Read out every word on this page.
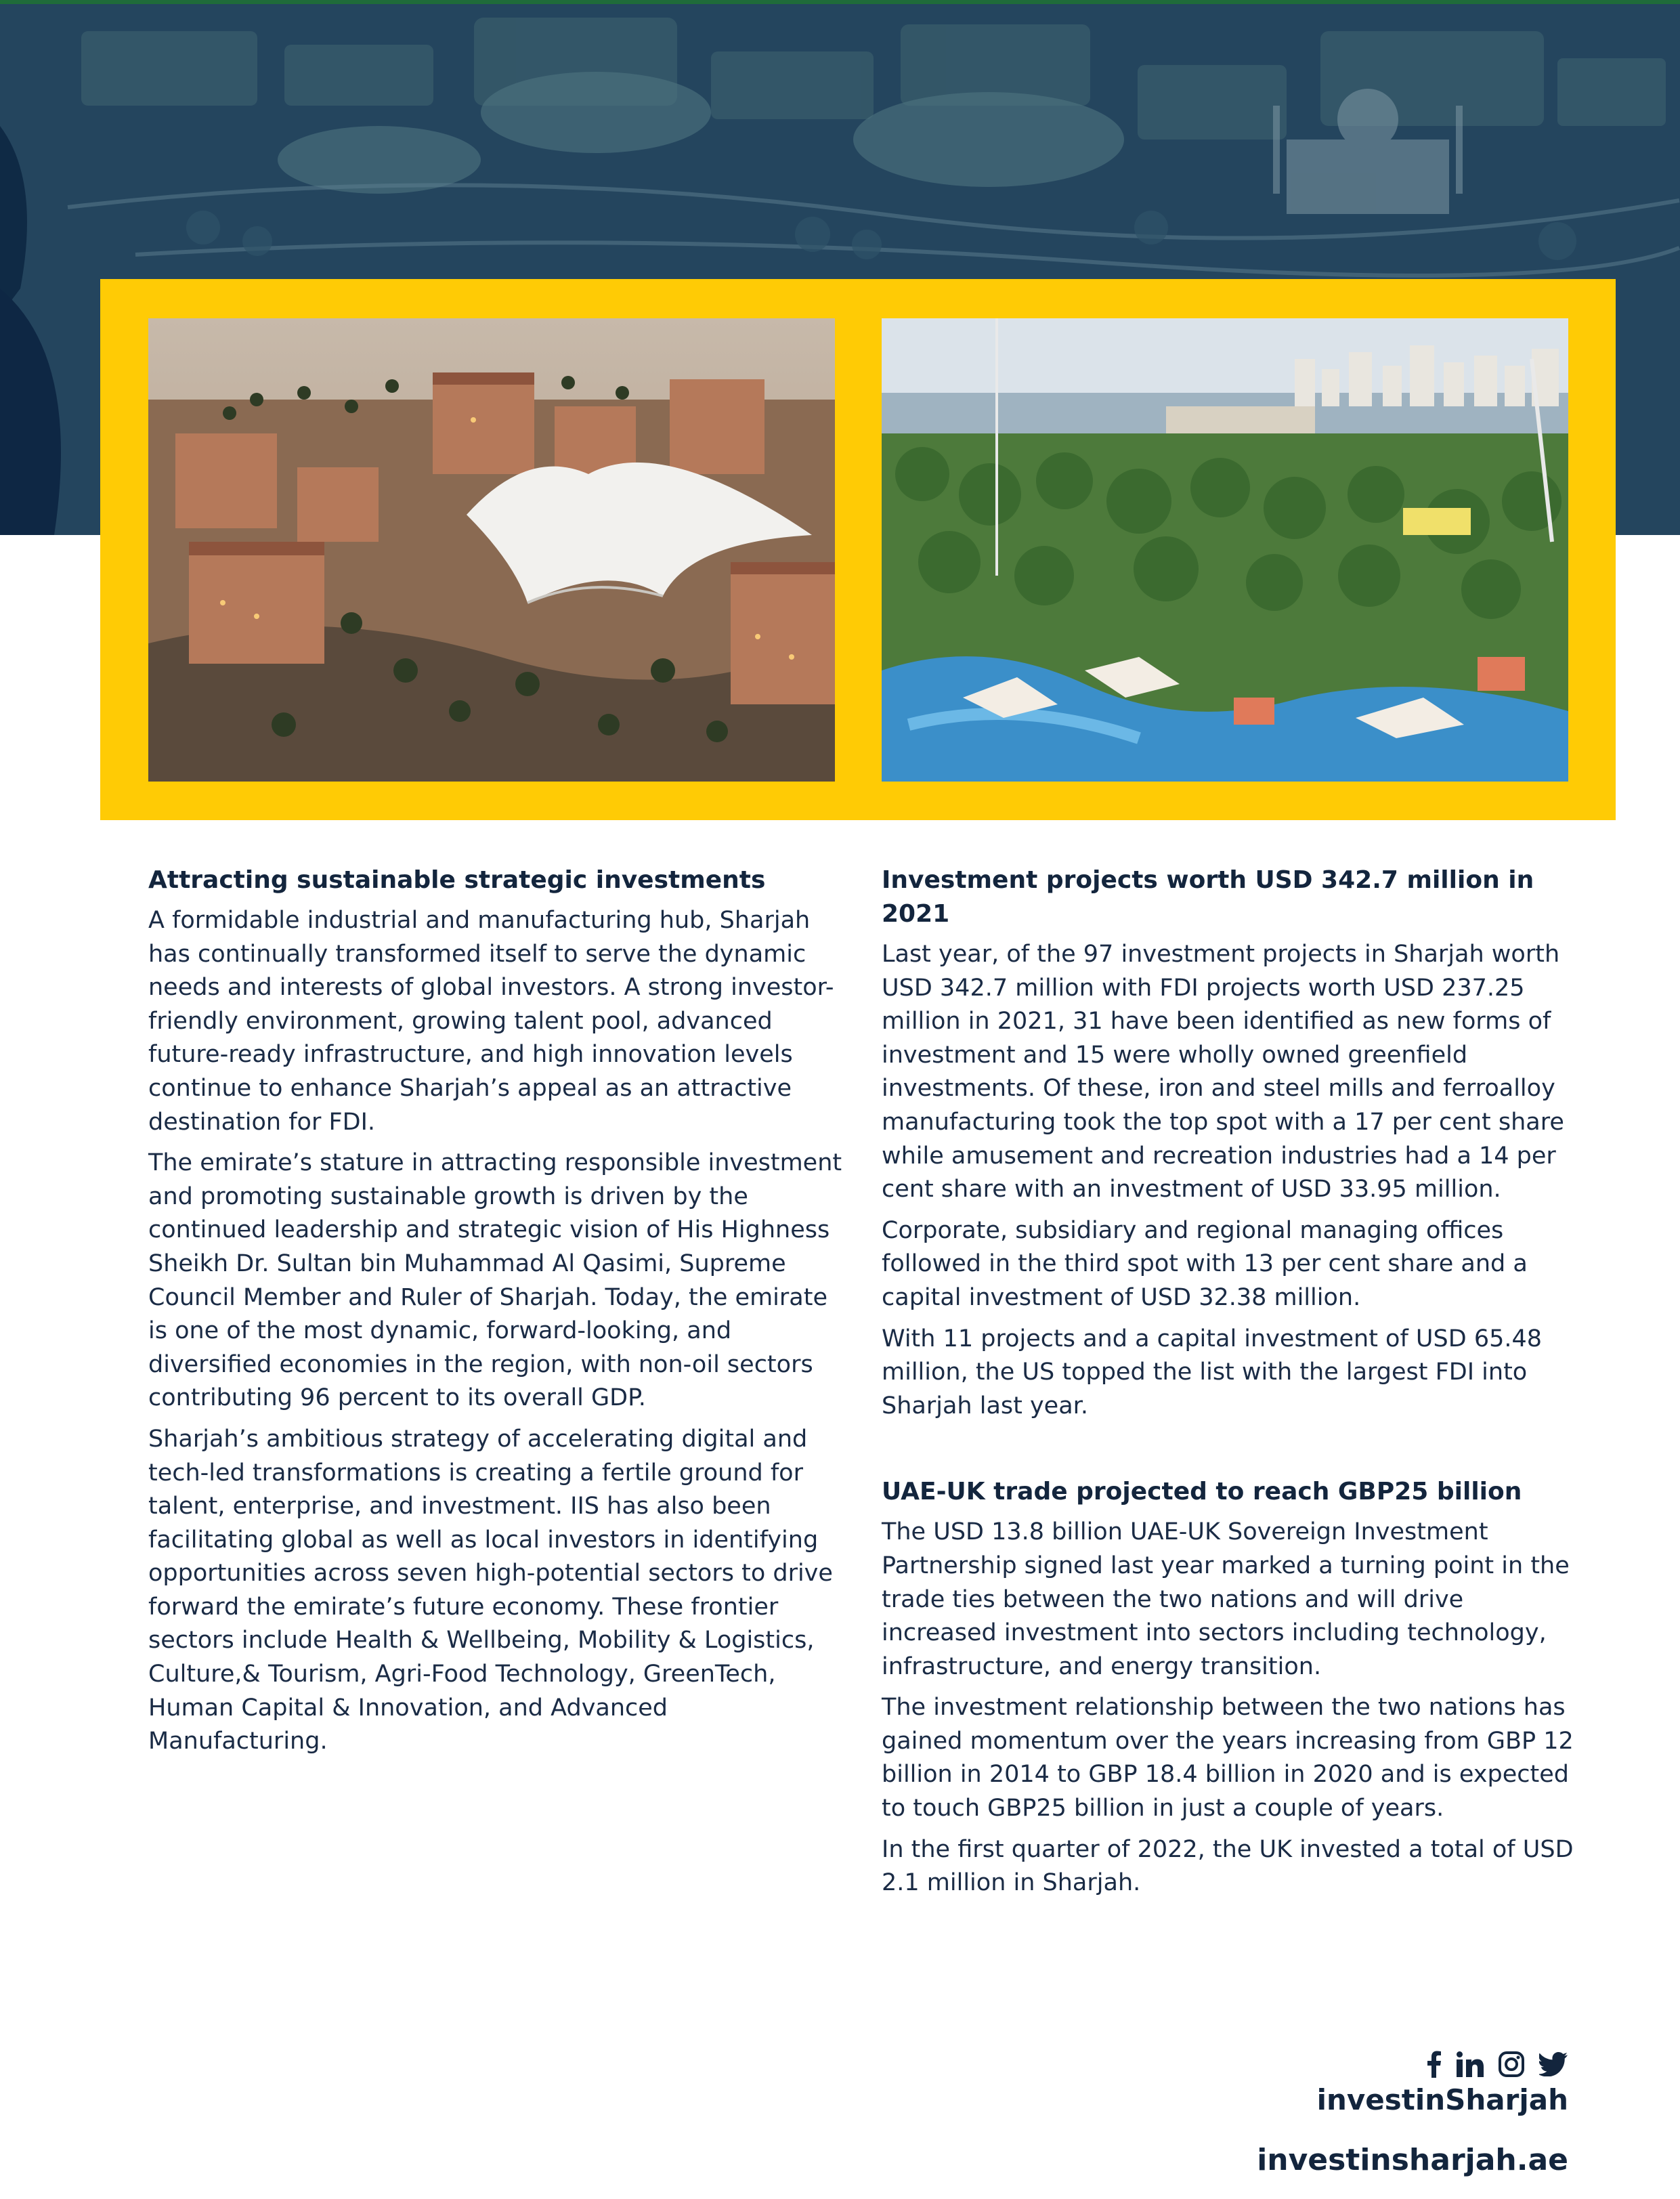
Attracting sustainable strategic investments

A formidable industrial and manufacturing hub, Sharjah has continually transformed itself to serve the dynamic needs and interests of global investors. A strong investor-friendly environment, growing talent pool, advanced future-ready infrastructure, and high innovation levels continue to enhance Sharjah’s appeal as an attractive destination for FDI.

The emirate’s stature in attracting responsible investment and promoting sustainable growth is driven by the continued leadership and strategic vision of His Highness Sheikh Dr. Sultan bin Muhammad Al Qasimi, Supreme Council Member and Ruler of Sharjah. Today, the emirate is one of the most dynamic, forward-looking, and diversified economies in the region, with non-oil sectors contributing 96 percent to its overall GDP.

Sharjah’s ambitious strategy of accelerating digital and tech-led transformations is creating a fertile ground for talent, enterprise, and investment. IIS has also been facilitating global as well as local investors in identifying opportunities across seven high-potential sectors to drive forward the emirate’s future economy. These frontier sectors include Health & Wellbeing, Mobility & Logistics, Culture,& Tourism, Agri-Food Technology, GreenTech, Human Capital & Innovation, and Advanced Manufacturing.

Investment projects worth USD 342.7 million in 2021

Last year, of the 97 investment projects in Sharjah worth USD 342.7 million with FDI projects worth USD 237.25 million in 2021, 31 have been identified as new forms of investment and 15 were wholly owned greenfield investments. Of these, iron and steel mills and ferroalloy manufacturing took the top spot with a 17 per cent share while amusement and recreation industries had a 14 per cent share with an investment of USD 33.95 million.

Corporate, subsidiary and regional managing offices followed in the third spot with 13 per cent share and a capital investment of USD 32.38 million.

With 11 projects and a capital investment of USD 65.48 million, the US topped the list with the largest FDI into Sharjah last year.

UAE-UK trade projected to reach GBP25 billion

The USD 13.8 billion UAE-UK Sovereign Investment Partnership signed last year marked a turning point in the trade ties between the two nations and will drive increased investment into sectors including technology, infrastructure, and energy transition.

The investment relationship between the two nations has gained momentum over the years increasing from GBP 12 billion in 2014 to GBP 18.4 billion in 2020 and is expected to touch GBP25 billion in just a couple of years.

In the first quarter of 2022, the UK invested a total of USD 2.1 million in Sharjah.

investinSharjah
investinsharjah.ae
